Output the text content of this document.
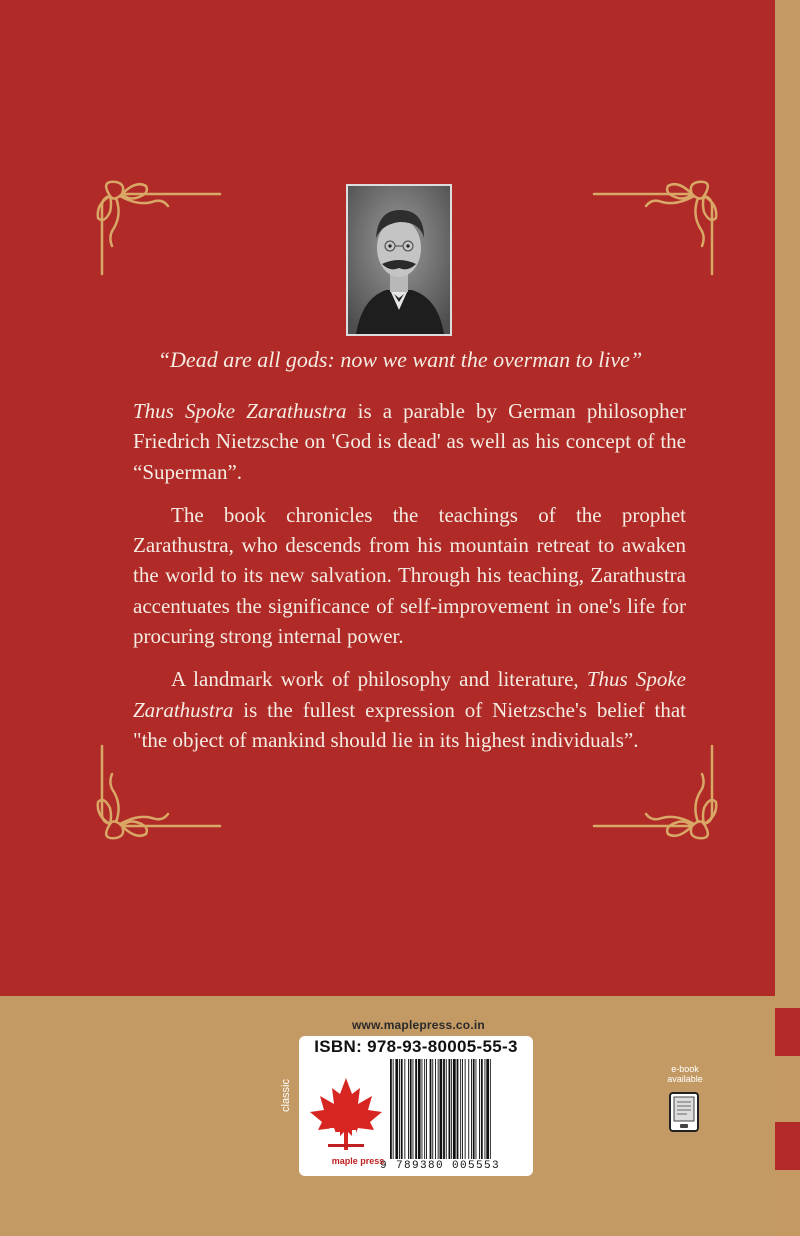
“Dead are all gods: now we want the overman to live”

Thus Spoke Zarathustra is a parable by German philosopher Friedrich Nietzsche on 'God is dead' as well as his concept of the “Superman”.

The book chronicles the teachings of the prophet Zarathustra, who descends from his mountain retreat to awaken the world to its new salvation. Through his teaching, Zarathustra accentuates the significance of self-improvement in one's life for procuring strong internal power.

A landmark work of philosophy and literature, Thus Spoke Zarathustra is the fullest expression of Nietzsche's belief that "the object of mankind should lie in its highest individuals”.

www.maplepress.co.in
ISBN: 978-93-80005-55-3
9 789380 005553
classic
maple press
e-book
available
